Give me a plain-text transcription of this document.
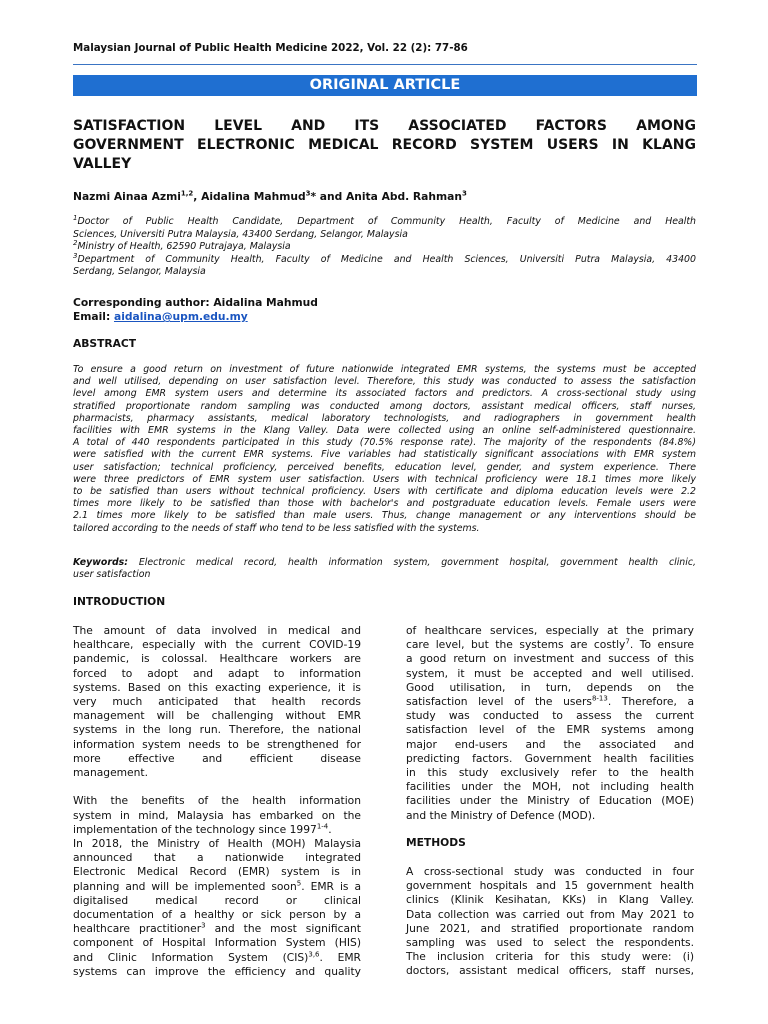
Malaysian Journal of Public Health Medicine 2022, Vol. 22 (2): 77-86
ORIGINAL ARTICLE
SATISFACTION LEVEL AND ITS ASSOCIATED FACTORS AMONG
GOVERNMENT ELECTRONIC MEDICAL RECORD SYSTEM USERS IN KLANG
VALLEY
Nazmi Ainaa Azmi$^{1,2}$, Aidalina Mahmud$^3$* and Anita Abd. Rahman$^3$
$^1$Doctor of Public Health Candidate, Department of Community Health, Faculty of Medicine and Health
Sciences, Universiti Putra Malaysia, 43400 Serdang, Selangor, Malaysia
$^2$Ministry of Health, 62590 Putrajaya, Malaysia
$^3$Department of Community Health, Faculty of Medicine and Health Sciences, Universiti Putra Malaysia, 43400
Serdang, Selangor, Malaysia
Corresponding author: Aidalina Mahmud
Email: aidalina@upm.edu.my
ABSTRACT
To ensure a good return on investment of future nationwide integrated EMR systems, the systems must be accepted
and well utilised, depending on user satisfaction level. Therefore, this study was conducted to assess the satisfaction
level among EMR system users and determine its associated factors and predictors. A cross-sectional study using
stratified proportionate random sampling was conducted among doctors, assistant medical officers, staff nurses,
pharmacists, pharmacy assistants, medical laboratory technologists, and radiographers in government health
facilities with EMR systems in the Klang Valley. Data were collected using an online self-administered questionnaire.
A total of 440 respondents participated in this study (70.5% response rate). The majority of the respondents (84.8%)
were satisfied with the current EMR systems. Five variables had statistically significant associations with EMR system
user satisfaction; technical proficiency, perceived benefits, education level, gender, and system experience. There
were three predictors of EMR system user satisfaction. Users with technical proficiency were 18.1 times more likely
to be satisfied than users without technical proficiency. Users with certificate and diploma education levels were 2.2
times more likely to be satisfied than those with bachelor's and postgraduate education levels. Female users were
2.1 times more likely to be satisfied than male users. Thus, change management or any interventions should be
tailored according to the needs of staff who tend to be less satisfied with the systems.
Keywords: Electronic medical record, health information system, government hospital, government health clinic,
user satisfaction
INTRODUCTION
The amount of data involved in medical and
healthcare, especially with the current COVID-19
pandemic, is colossal. Healthcare workers are
forced to adopt and adapt to information
systems. Based on this exacting experience, it is
very much anticipated that health records
management will be challenging without EMR
systems in the long run. Therefore, the national
information system needs to be strengthened for
more effective and efficient disease
management.
With the benefits of the health information
system in mind, Malaysia has embarked on the
implementation of the technology since 1997$^{1-4}$.
In 2018, the Ministry of Health (MOH) Malaysia
announced that a nationwide integrated
Electronic Medical Record (EMR) system is in
planning and will be implemented soon$^5$. EMR is a
digitalised medical record or clinical
documentation of a healthy or sick person by a
healthcare practitioner$^3$ and the most significant
component of Hospital Information System (HIS)
and Clinic Information System (CIS)$^{3,6}$. EMR
systems can improve the efficiency and quality
of healthcare services, especially at the primary
care level, but the systems are costly$^7$. To ensure
a good return on investment and success of this
system, it must be accepted and well utilised.
Good utilisation, in turn, depends on the
satisfaction level of the users$^{8-13}$. Therefore, a
study was conducted to assess the current
satisfaction level of the EMR systems among
major end-users and the associated and
predicting factors. Government health facilities
in this study exclusively refer to the health
facilities under the MOH, not including health
facilities under the Ministry of Education (MOE)
and the Ministry of Defence (MOD).
METHODS
A cross-sectional study was conducted in four
government hospitals and 15 government health
clinics (Klinik Kesihatan, KKs) in Klang Valley.
Data collection was carried out from May 2021 to
June 2021, and stratified proportionate random
sampling was used to select the respondents.
The inclusion criteria for this study were: (i)
doctors, assistant medical officers, staff nurses,
